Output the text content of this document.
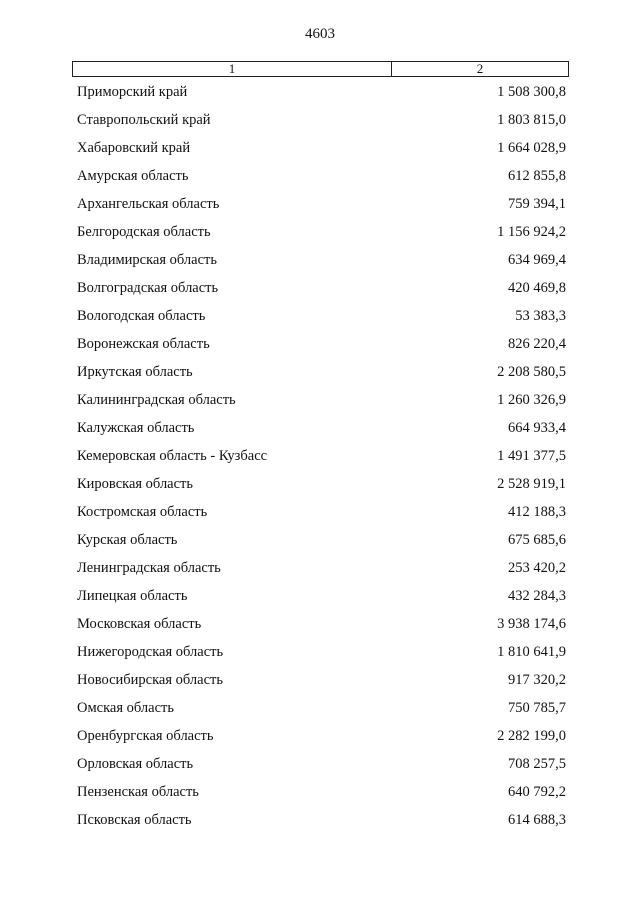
4603
1	2
Приморский край	1 508 300,8
Ставропольский край	1 803 815,0
Хабаровский край	1 664 028,9
Амурская область	612 855,8
Архангельская область	759 394,1
Белгородская область	1 156 924,2
Владимирская область	634 969,4
Волгоградская область	420 469,8
Вологодская область	53 383,3
Воронежская область	826 220,4
Иркутская область	2 208 580,5
Калининградская область	1 260 326,9
Калужская область	664 933,4
Кемеровская область - Кузбасс	1 491 377,5
Кировская область	2 528 919,1
Костромская область	412 188,3
Курская область	675 685,6
Ленинградская область	253 420,2
Липецкая область	432 284,3
Московская область	3 938 174,6
Нижегородская область	1 810 641,9
Новосибирская область	917 320,2
Омская область	750 785,7
Оренбургская область	2 282 199,0
Орловская область	708 257,5
Пензенская область	640 792,2
Псковская область	614 688,3
